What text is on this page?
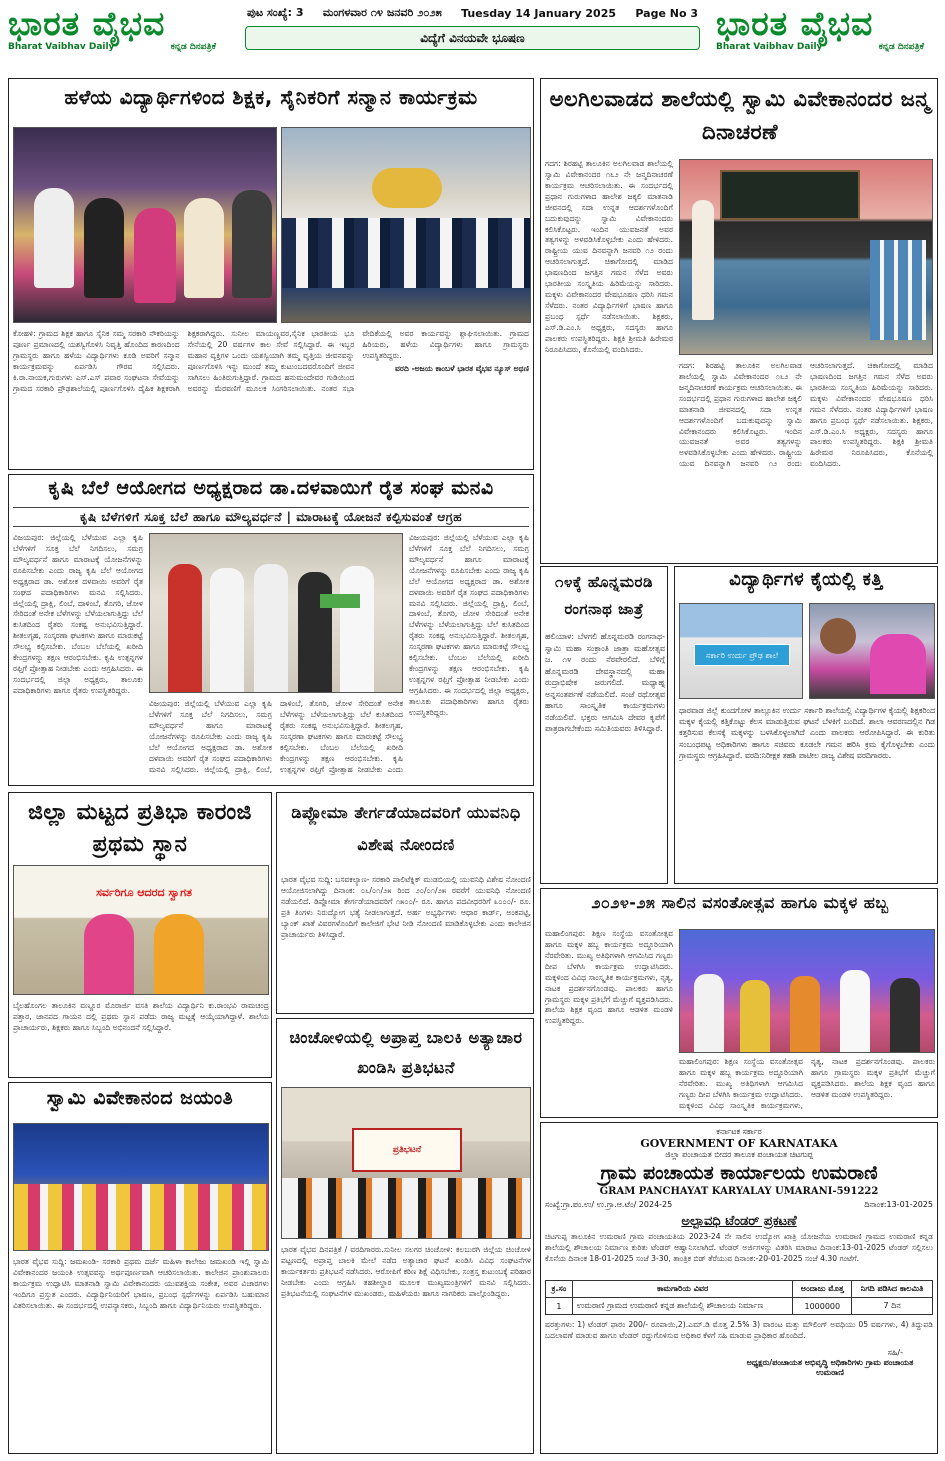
ಭಾರತ ವೈಭವ
Bharat Vaibhav Daily	ಕನ್ನಡ ದಿನಪತ್ರಿಕೆ
ಪುಟ ಸಂಖ್ಯೆ: 3 ಮಂಗಳವಾರ ೧೪ ಜನವರಿ ೨೦೨೫ Tuesday 14 January 2025 Page No 3
ವಿದ್ಯೆಗೆ ವಿನಯವೇ ಭೂಷಣ	ಭಾರತ ವೈಭವ
Bharat Vaibhav Daily	ಕನ್ನಡ ದಿನಪತ್ರಿಕೆ
ಹಳೆಯ ವಿದ್ಯಾರ್ಥಿಗಳಿಂದ ಶಿಕ್ಷಕ, ಸೈನಿಕರಿಗೆ ಸನ್ಮಾನ ಕಾರ್ಯಕ್ರಮ
ಕೋಹಳಿ: ಗ್ರಾಮದ ಶಿಕ್ಷಕ ಹಾಗೂ ಸೈನಿಕ ಸಮ್ಮ ಸರಕಾರಿ ನೌಕರಿಯನ್ನು ಪೂರ್ಣ ಪ್ರಮಾಣದಲ್ಲಿ ಯಶಸ್ವಿಗೊಳಿಸಿ ನಿವೃತ್ತಿ ಹೊಂದಿದ ಕಾರಣದಿಂದ ಗ್ರಾಮಸ್ಥರು ಹಾಗೂ ಹಳೆಯ ವಿದ್ಯಾರ್ಥಿಗಳು ಕೂಡಿ ಅವರಿಗೆ ಸನ್ಮಾನ ಕಾರ್ಯಕ್ರಮವನ್ನು ಏರ್ಪಡಿಸಿ ಗೌರವ ಸಲ್ಲಿಸಿದರು. ಕಿ.ರಾ.ನಾಯಕ,ಗುರುಗಳು ಎಸ್.ಎಸ್ ಪವಾರ ಸಂಘಟನಾ ಸೇವೆಯನ್ನು ಗ್ರಾಮದ ಸರಕಾರಿ ಪ್ರೌಢಶಾಲೆಯಲ್ಲಿ ಪೂರ್ಣಗೊಳಿಸಿ ದೈಹಿಕ ಶಿಕ್ಷಕರಾಗಿ ಶಿಕ್ಷಕರಾಗಿದ್ದರು. ಸುನೀಲ ಮಾಯಣ್ಣವರ,ಸೈನಿಕ ಭಾರತೀಯ ಭೂ ಸೇನೆಯಲ್ಲಿ 20 ವರ್ಷಗಳ ಕಾಲ ಸೇವೆ ಸಲ್ಲಿಸಿದ್ದಾರೆ. ಈ ಇಬ್ಬರ ಮಹಾನ ವ್ಯಕ್ತಿಗಳ ಒಂದು ಯಶಸ್ವಿಯಾಗಿ ತಮ್ಮ ವೃತ್ತಿಯ ಜೀವನವನ್ನು ಪೂರ್ಣಗೊಳಿಸಿ ಇನ್ನು ಮುಂದೆ ತಮ್ಮ ಕುಟುಂಬದವರೊಂದಿಗೆ ಜೀವನ ಸಾಗಿಸಲು ಹಿಂತಿರುಗುತ್ತಿದ್ದಾರೆ. ಗ್ರಾಮದ ಹನುಮಂದೇವರ ಗುಡಿಯಿಂದ ಅವರನ್ನು ಮೆರವಣಿಗೆ ಮೂಲಕ ಸಿಂಗರಿಸಲಾಯಿತು. ನಂತರ ಸಭಾ ವೇದಿಕೆಯಲ್ಲಿ ಅವರ ಕಾರ್ಯವನ್ನು ಶ್ಲಾಘಿಸಲಾಯಿತು. ಗ್ರಾಮದ ಹಿರಿಯರು, ಹಳೆಯ ವಿದ್ಯಾರ್ಥಿಗಳು ಹಾಗೂ ಗ್ರಾಮಸ್ಥರು ಉಪಸ್ಥಿತರಿದ್ದರು.
ವರದಿ -ಅಜಯ ಕಾಂಬಳೆ ಭಾರತ ವೈಭವ ನ್ಯೂಸ್ ಅಥಣಿ
ಅಲಗಿಲವಾಡದ ಶಾಲೆಯಲ್ಲಿ ಸ್ವಾಮಿ ವಿವೇಕಾನಂದರ ಜನ್ಮ ದಿನಾಚರಣೆ
ಗದಗ: ಶಿರಹಟ್ಟಿ ತಾಲೂಕಿನ ಅಲಗಿಲವಾಡ ಶಾಲೆಯಲ್ಲಿ ಸ್ವಾಮಿ ವಿವೇಕಾನಂದರ ೧೬೨ ನೇ ಜನ್ಮದಿನಾಚರಣೆ ಕಾರ್ಯಕ್ರಮ ಆಚರಿಸಲಾಯಿತು. ಈ ಸಂದರ್ಭದಲ್ಲಿ ಪ್ರಧಾನ ಗುರುಗಳಾದ ಹಾಲೇಶ ಜಕ್ಕಲಿ ಮಾತನಾಡಿ ಜೀವನದಲ್ಲಿ ಸದಾ ಉನ್ನತ ಆದರ್ಶಗಳೊಂದಿಗೆ ಬದುಕುವುದನ್ನು ಸ್ವಾಮಿ ವಿವೇಕಾನಂದರು ಕಲಿಸಿಕೊಟ್ಟರು. ಇಂದಿನ ಯುವಜನತೆ ಅವರ ತತ್ವಗಳನ್ನು ಅಳವಡಿಸಿಕೊಳ್ಳಬೇಕು ಎಂದು ಹೇಳಿದರು. ರಾಷ್ಟ್ರೀಯ ಯುವ ದಿನವನ್ನಾಗಿ ಜನವರಿ ೧೨ ರಂದು ಆಚರಿಸಲಾಗುತ್ತದೆ. ಚಿಕಾಗೋದಲ್ಲಿ ಮಾಡಿದ ಭಾಷಣದಿಂದ ಜಗತ್ತಿನ ಗಮನ ಸೆಳೆದ ಅವರು ಭಾರತೀಯ ಸಂಸ್ಕೃತಿಯ ಹಿರಿಮೆಯನ್ನು ಸಾರಿದರು. ಮಕ್ಕಳು ವಿವೇಕಾನಂದರ ವೇಷಭೂಷಣ ಧರಿಸಿ ಗಮನ ಸೆಳೆದರು. ನಂತರ ವಿದ್ಯಾರ್ಥಿಗಳಿಗೆ ಭಾಷಣ ಹಾಗೂ ಪ್ರಬಂಧ ಸ್ಪರ್ಧೆ ನಡೆಸಲಾಯಿತು. ಶಿಕ್ಷಕರು, ಎಸ್.ಡಿ.ಎಂ.ಸಿ ಅಧ್ಯಕ್ಷರು, ಸದಸ್ಯರು ಹಾಗೂ ಪಾಲಕರು ಉಪಸ್ಥಿತರಿದ್ದರು. ಶಿಕ್ಷಕಿ ಶ್ರೀಮತಿ ಹಿರೇಮಠ ನಿರೂಪಿಸಿದರು, ಕೊನೆಯಲ್ಲಿ ವಂದಿಸಿದರು.
ಗದಗ: ಶಿರಹಟ್ಟಿ ತಾಲೂಕಿನ ಅಲಗಿಲವಾಡ ಶಾಲೆಯಲ್ಲಿ ಸ್ವಾಮಿ ವಿವೇಕಾನಂದರ ೧೬೨ ನೇ ಜನ್ಮದಿನಾಚರಣೆ ಕಾರ್ಯಕ್ರಮ ಆಚರಿಸಲಾಯಿತು. ಈ ಸಂದರ್ಭದಲ್ಲಿ ಪ್ರಧಾನ ಗುರುಗಳಾದ ಹಾಲೇಶ ಜಕ್ಕಲಿ ಮಾತನಾಡಿ ಜೀವನದಲ್ಲಿ ಸದಾ ಉನ್ನತ ಆದರ್ಶಗಳೊಂದಿಗೆ ಬದುಕುವುದನ್ನು ಸ್ವಾಮಿ ವಿವೇಕಾನಂದರು ಕಲಿಸಿಕೊಟ್ಟರು. ಇಂದಿನ ಯುವಜನತೆ ಅವರ ತತ್ವಗಳನ್ನು ಅಳವಡಿಸಿಕೊಳ್ಳಬೇಕು ಎಂದು ಹೇಳಿದರು. ರಾಷ್ಟ್ರೀಯ ಯುವ ದಿನವನ್ನಾಗಿ ಜನವರಿ ೧೨ ರಂದು ಆಚರಿಸಲಾಗುತ್ತದೆ. ಚಿಕಾಗೋದಲ್ಲಿ ಮಾಡಿದ ಭಾಷಣದಿಂದ ಜಗತ್ತಿನ ಗಮನ ಸೆಳೆದ ಅವರು ಭಾರತೀಯ ಸಂಸ್ಕೃತಿಯ ಹಿರಿಮೆಯನ್ನು ಸಾರಿದರು. ಮಕ್ಕಳು ವಿವೇಕಾನಂದರ ವೇಷಭೂಷಣ ಧರಿಸಿ ಗಮನ ಸೆಳೆದರು. ನಂತರ ವಿದ್ಯಾರ್ಥಿಗಳಿಗೆ ಭಾಷಣ ಹಾಗೂ ಪ್ರಬಂಧ ಸ್ಪರ್ಧೆ ನಡೆಸಲಾಯಿತು. ಶಿಕ್ಷಕರು, ಎಸ್.ಡಿ.ಎಂ.ಸಿ ಅಧ್ಯಕ್ಷರು, ಸದಸ್ಯರು ಹಾಗೂ ಪಾಲಕರು ಉಪಸ್ಥಿತರಿದ್ದರು. ಶಿಕ್ಷಕಿ ಶ್ರೀಮತಿ ಹಿರೇಮಠ ನಿರೂಪಿಸಿದರು, ಕೊನೆಯಲ್ಲಿ ವಂದಿಸಿದರು.
ಕೃಷಿ ಬೆಲೆ ಆಯೋಗದ ಅಧ್ಯಕ್ಷರಾದ ಡಾ.ದಳವಾಯಿಗೆ ರೈತ ಸಂಘ ಮನವಿ
ಕೃಷಿ ಬೆಳೆಗಳಿಗೆ ಸೂಕ್ತ ಬೆಲೆ ಹಾಗೂ ಮೌಲ್ಯವರ್ಧನೆ | ಮಾರಾಟಕ್ಕೆ ಯೋಜನೆ ಕಲ್ಪಿಸುವಂತೆ ಆಗ್ರಹ
ವಿಜಯಪುರ: ಜಿಲ್ಲೆಯಲ್ಲಿ ಬೆಳೆಯುವ ಎಲ್ಲಾ ಕೃಷಿ ಬೆಳೆಗಳಿಗೆ ಸೂಕ್ತ ಬೆಲೆ ನಿಗದಿಸಲು, ಸಮಗ್ರ ಮೌಲ್ಯವರ್ಧನೆ ಹಾಗೂ ಮಾರಾಟಕ್ಕೆ ಯೋಜನೆಗಳನ್ನು ರೂಪಿಸಬೇಕು ಎಂದು ರಾಜ್ಯ ಕೃಷಿ ಬೆಲೆ ಆಯೋಗದ ಅಧ್ಯಕ್ಷರಾದ ಡಾ. ಅಶೋಕ ದಳವಾಯಿ ಅವರಿಗೆ ರೈತ ಸಂಘದ ಪದಾಧಿಕಾರಿಗಳು ಮನವಿ ಸಲ್ಲಿಸಿದರು. ಜಿಲ್ಲೆಯಲ್ಲಿ ದ್ರಾಕ್ಷಿ, ಲಿಂಬೆ, ದಾಳಿಂಬೆ, ತೊಗರಿ, ಜೋಳ ಸೇರಿದಂತೆ ಅನೇಕ ಬೆಳೆಗಳನ್ನು ಬೆಳೆಯಲಾಗುತ್ತಿದ್ದು ಬೆಲೆ ಕುಸಿತದಿಂದ ರೈತರು ಸಂಕಷ್ಟ ಅನುಭವಿಸುತ್ತಿದ್ದಾರೆ. ಶೀತಲಗೃಹ, ಸಂಸ್ಕರಣಾ ಘಟಕಗಳು ಹಾಗೂ ಮಾರುಕಟ್ಟೆ ಸೌಲಭ್ಯ ಕಲ್ಪಿಸಬೇಕು. ಬೆಂಬಲ ಬೆಲೆಯಲ್ಲಿ ಖರೀದಿ ಕೇಂದ್ರಗಳನ್ನು ತಕ್ಷಣ ಆರಂಭಿಸಬೇಕು. ಕೃಷಿ ಉತ್ಪನ್ನಗಳ ರಫ್ತಿಗೆ ಪ್ರೋತ್ಸಾಹ ನೀಡಬೇಕು ಎಂದು ಆಗ್ರಹಿಸಿದರು. ಈ ಸಂದರ್ಭದಲ್ಲಿ ಜಿಲ್ಲಾ ಅಧ್ಯಕ್ಷರು, ತಾಲೂಕು ಪದಾಧಿಕಾರಿಗಳು ಹಾಗೂ ರೈತರು ಉಪಸ್ಥಿತರಿದ್ದರು.
ವಿಜಯಪುರ: ಜಿಲ್ಲೆಯಲ್ಲಿ ಬೆಳೆಯುವ ಎಲ್ಲಾ ಕೃಷಿ ಬೆಳೆಗಳಿಗೆ ಸೂಕ್ತ ಬೆಲೆ ನಿಗದಿಸಲು, ಸಮಗ್ರ ಮೌಲ್ಯವರ್ಧನೆ ಹಾಗೂ ಮಾರಾಟಕ್ಕೆ ಯೋಜನೆಗಳನ್ನು ರೂಪಿಸಬೇಕು ಎಂದು ರಾಜ್ಯ ಕೃಷಿ ಬೆಲೆ ಆಯೋಗದ ಅಧ್ಯಕ್ಷರಾದ ಡಾ. ಅಶೋಕ ದಳವಾಯಿ ಅವರಿಗೆ ರೈತ ಸಂಘದ ಪದಾಧಿಕಾರಿಗಳು ಮನವಿ ಸಲ್ಲಿಸಿದರು. ಜಿಲ್ಲೆಯಲ್ಲಿ ದ್ರಾಕ್ಷಿ, ಲಿಂಬೆ, ದಾಳಿಂಬೆ, ತೊಗರಿ, ಜೋಳ ಸೇರಿದಂತೆ ಅನೇಕ ಬೆಳೆಗಳನ್ನು ಬೆಳೆಯಲಾಗುತ್ತಿದ್ದು ಬೆಲೆ ಕುಸಿತದಿಂದ ರೈತರು ಸಂಕಷ್ಟ ಅನುಭವಿಸುತ್ತಿದ್ದಾರೆ. ಶೀತಲಗೃಹ, ಸಂಸ್ಕರಣಾ ಘಟಕಗಳು ಹಾಗೂ ಮಾರುಕಟ್ಟೆ ಸೌಲಭ್ಯ ಕಲ್ಪಿಸಬೇಕು. ಬೆಂಬಲ ಬೆಲೆಯಲ್ಲಿ ಖರೀದಿ ಕೇಂದ್ರಗಳನ್ನು ತಕ್ಷಣ ಆರಂಭಿಸಬೇಕು. ಕೃಷಿ ಉತ್ಪನ್ನಗಳ ರಫ್ತಿಗೆ ಪ್ರೋತ್ಸಾಹ ನೀಡಬೇಕು ಎಂದು
ವಿಜಯಪುರ: ಜಿಲ್ಲೆಯಲ್ಲಿ ಬೆಳೆಯುವ ಎಲ್ಲಾ ಕೃಷಿ ಬೆಳೆಗಳಿಗೆ ಸೂಕ್ತ ಬೆಲೆ ನಿಗದಿಸಲು, ಸಮಗ್ರ ಮೌಲ್ಯವರ್ಧನೆ ಹಾಗೂ ಮಾರಾಟಕ್ಕೆ ಯೋಜನೆಗಳನ್ನು ರೂಪಿಸಬೇಕು ಎಂದು ರಾಜ್ಯ ಕೃಷಿ ಬೆಲೆ ಆಯೋಗದ ಅಧ್ಯಕ್ಷರಾದ ಡಾ. ಅಶೋಕ ದಳವಾಯಿ ಅವರಿಗೆ ರೈತ ಸಂಘದ ಪದಾಧಿಕಾರಿಗಳು ಮನವಿ ಸಲ್ಲಿಸಿದರು. ಜಿಲ್ಲೆಯಲ್ಲಿ ದ್ರಾಕ್ಷಿ, ಲಿಂಬೆ, ದಾಳಿಂಬೆ, ತೊಗರಿ, ಜೋಳ ಸೇರಿದಂತೆ ಅನೇಕ ಬೆಳೆಗಳನ್ನು ಬೆಳೆಯಲಾಗುತ್ತಿದ್ದು ಬೆಲೆ ಕುಸಿತದಿಂದ ರೈತರು ಸಂಕಷ್ಟ ಅನುಭವಿಸುತ್ತಿದ್ದಾರೆ. ಶೀತಲಗೃಹ, ಸಂಸ್ಕರಣಾ ಘಟಕಗಳು ಹಾಗೂ ಮಾರುಕಟ್ಟೆ ಸೌಲಭ್ಯ ಕಲ್ಪಿಸಬೇಕು. ಬೆಂಬಲ ಬೆಲೆಯಲ್ಲಿ ಖರೀದಿ ಕೇಂದ್ರಗಳನ್ನು ತಕ್ಷಣ ಆರಂಭಿಸಬೇಕು. ಕೃಷಿ ಉತ್ಪನ್ನಗಳ ರಫ್ತಿಗೆ ಪ್ರೋತ್ಸಾಹ ನೀಡಬೇಕು ಎಂದು ಆಗ್ರಹಿಸಿದರು. ಈ ಸಂದರ್ಭದಲ್ಲಿ ಜಿಲ್ಲಾ ಅಧ್ಯಕ್ಷರು, ತಾಲೂಕು ಪದಾಧಿಕಾರಿಗಳು ಹಾಗೂ ರೈತರು ಉಪಸ್ಥಿತರಿದ್ದರು.
೧೪ಕ್ಕೆ ಹೊನ್ನಮರಡಿ ರಂಗನಾಥ ಜಾತ್ರೆ
ಹಲಿಯಾಳ: ಬೆಳಗಲಿ ಹೊನ್ನಮರಡಿ ರಂಗನಾಥ-ಸ್ವಾಮಿ ಮಹಾ ಸಂಕ್ರಾಂತಿ ಜಾತ್ರಾ ಮಹೋತ್ಸವ ಜ. ೧೪ ರಂದು ನೆರವೇರಲಿದೆ. ಬೆಳಿಗ್ಗೆ ಹೊನ್ನಮರಡಿ ದೇವಸ್ಥಾನದಲ್ಲಿ ಮಹಾ ರುದ್ರಾಭಿಷೇಕ ಜರುಗಲಿದೆ. ಮಧ್ಯಾಹ್ನ ಅನ್ನಸಂತರ್ಪಣೆ ನಡೆಯಲಿದೆ. ಸಂಜೆ ರಥೋತ್ಸವ ಹಾಗೂ ಸಾಂಸ್ಕೃತಿಕ ಕಾರ್ಯಕ್ರಮಗಳು ನಡೆಯಲಿವೆ. ಭಕ್ತರು ಆಗಮಿಸಿ ದೇವರ ಕೃಪೆಗೆ ಪಾತ್ರರಾಗಬೇಕೆಂದು ಸಮಿತಿಯವರು ತಿಳಿಸಿದ್ದಾರೆ.
ವಿದ್ಯಾರ್ಥಿಗಳ ಕೈಯಲ್ಲಿ ಕತ್ತಿ
ಸರ್ಕಾರಿ ಉರ್ದು ಪ್ರೌಢ ಶಾಲೆ
ಧಾರವಾಡ ಜಿಲ್ಲೆ ಕುಂದಗೋಳ ತಾಲ್ಲೂಕಿನ ಉರ್ದು ಸರ್ಕಾರಿ ಶಾಲೆಯಲ್ಲಿ ವಿದ್ಯಾರ್ಥಿಗಳ ಕೈಯಲ್ಲಿ ಶಿಕ್ಷಕರಿಂದ ಮಕ್ಕಳ ಕೈಯಲ್ಲಿ ಕತ್ತಿಕೊಟ್ಟು ಕೆಲಸ ಮಾಡುತ್ತಿರುವ ಘಟನೆ ಬೆಳಕಿಗೆ ಬಂದಿದೆ. ಶಾಲಾ ಆವರಣದಲ್ಲಿನ ಗಿಡ ಕತ್ತರಿಸುವ ಕೆಲಸಕ್ಕೆ ಮಕ್ಕಳನ್ನು ಬಳಸಿಕೊಳ್ಳಲಾಗಿದೆ ಎಂದು ಪಾಲಕರು ಆರೋಪಿಸಿದ್ದಾರೆ. ಈ ಕುರಿತು ಸಂಬಂಧಪಟ್ಟ ಅಧಿಕಾರಿಗಳು ಹಾಗೂ ಸಚಿವರು ಕೂಡಲೇ ಗಮನ ಹರಿಸಿ ಕ್ರಮ ಕೈಗೊಳ್ಳಬೇಕು ಎಂದು ಗ್ರಾಮಸ್ಥರು ಆಗ್ರಹಿಸಿದ್ದಾರೆ. ವರದಿ:ನಿರೀಕ್ಷಕ ತಹಶಿ ಪಾಟೀಲ ರಾಜ್ಯ ವಿಶೇಷ ವರದಿಗಾರರು.
ಜಿಲ್ಲಾ ಮಟ್ಟದ ಪ್ರತಿಭಾ ಕಾರಂಜಿ ಪ್ರಥಮ ಸ್ಥಾನ
ಸರ್ವರಿಗೂ ಆದರದ ಸ್ವಾಗತ
ಬೈಲಹೊಂಗಲ ತಾಲೂಕಿನ ವಣ್ಣೂರ ಮೊರಾರ್ಜಿ ವಸತಿ ಶಾಲೆಯ ವಿದ್ಯಾರ್ಥಿನಿ ಕು.ರಾಂಭವಿ ರಾಮಚಂದ್ರ ಪತ್ತಾರ, ಜಾನಪದ ಗಾಯನ ದಲ್ಲಿ ಪ್ರಥಮ ಸ್ಥಾನ ಪಡೆದು ರಾಜ್ಯ ಮಟ್ಟಕ್ಕೆ ಆಯ್ಕೆಯಾಗಿದ್ದಾಳೆ. ಶಾಲೆಯ ಪ್ರಾಚಾರ್ಯರು, ಶಿಕ್ಷಕರು ಹಾಗೂ ಸಿಬ್ಬಂದಿ ಅಭಿನಂದನೆ ಸಲ್ಲಿಸಿದ್ದಾರೆ.
ಡಿಪ್ಲೋಮಾ ತೇರ್ಗಡೆಯಾದವರಿಗೆ ಯುವನಿಧಿ ವಿಶೇಷ ನೋಂದಣಿ
ಭಾರತ ವೈಭವ ಸುದ್ದಿ: ಬಸವಕಲ್ಯಾಣ- ಸರಕಾರಿ ಪಾಲಿಟೆಕ್ನಿಕ್ ಮುಡಬಿಯಲ್ಲಿ ಯುವನಿಧಿ ವಿಶೇಷ ನೋಂದಣಿ ಆಯೋಜಿಸಲಾಗಿದ್ದು ದಿನಾಂಕ: ೦೬/೦೧/೨೫ ರಿಂದ ೨೦/೦೧/೨೫ ರವರೆಗೆ ಯುವನಿಧಿ ನೋಂದಣಿ ನಡೆಯಲಿದೆ. ಡಿಪ್ಲೋಮಾ ತೇರ್ಗಡೆಯಾದವರಿಗೆ ೧೫೦೦/- ರೂ. ಹಾಗೂ ಪದವೀಧರರಿಗೆ ೩೦೦೦/- ರೂ. ಪ್ರತಿ ತಿಂಗಳು ನಿರುದ್ಯೋಗ ಭತ್ಯೆ ನೀಡಲಾಗುತ್ತದೆ. ಅರ್ಹ ಅಭ್ಯರ್ಥಿಗಳು ಆಧಾರ ಕಾರ್ಡ್, ಅಂಕಪಟ್ಟಿ, ಬ್ಯಾಂಕ್ ಖಾತೆ ವಿವರಗಳೊಂದಿಗೆ ಕಾಲೇಜಿಗೆ ಭೇಟಿ ನೀಡಿ ನೋಂದಣಿ ಮಾಡಿಕೊಳ್ಳಬೇಕು ಎಂದು ಕಾಲೇಜಿನ ಪ್ರಾಚಾರ್ಯರು ತಿಳಿಸಿದ್ದಾರೆ.
ಚಿಂಚೋಳಿಯಲ್ಲಿ ಅಪ್ರಾಪ್ತ ಬಾಲಕಿ ಅತ್ಯಾಚಾರ ಖಂಡಿಸಿ ಪ್ರತಿಭಟನೆ
ಪ್ರತಿಭಟನೆ
ಭಾರತ ವೈಭವ ದಿನಪತ್ರಿಕೆ / ವರದಿಗಾರರು.ಸುನೀಲ ಸಲಗರ ಚಿಂಚೋಳಿ: ಕಲಬುರಗಿ ಜಿಲ್ಲೆಯ ಚಿಂಚೋಳಿ ಪಟ್ಟಣದಲ್ಲಿ ಅಪ್ರಾಪ್ತ ಬಾಲಕಿ ಮೇಲೆ ನಡೆದ ಅತ್ಯಾಚಾರ ಘಟನೆ ಖಂಡಿಸಿ ವಿವಿಧ ಸಂಘಟನೆಗಳ ಕಾರ್ಯಕರ್ತರು ಪ್ರತಿಭಟನೆ ನಡೆಸಿದರು. ಆರೋಪಿಗೆ ಕಠಿಣ ಶಿಕ್ಷೆ ವಿಧಿಸಬೇಕು, ಸಂತ್ರಸ್ತ ಕುಟುಂಬಕ್ಕೆ ಪರಿಹಾರ ನೀಡಬೇಕು ಎಂದು ಆಗ್ರಹಿಸಿ ತಹಶೀಲ್ದಾರ ಮೂಲಕ ಮುಖ್ಯಮಂತ್ರಿಗಳಿಗೆ ಮನವಿ ಸಲ್ಲಿಸಿದರು. ಪ್ರತಿಭಟನೆಯಲ್ಲಿ ಸಂಘಟನೆಗಳ ಮುಖಂಡರು, ಮಹಿಳೆಯರು ಹಾಗೂ ನಾಗರಿಕರು ಪಾಲ್ಗೊಂಡಿದ್ದರು.
೨೦೨೪-೨೫ ಸಾಲಿನ ವಸಂತೋತ್ಸವ ಹಾಗೂ ಮಕ್ಕಳ ಹಬ್ಬ
ಮಹಾಲಿಂಗಪುರ: ಶಿಕ್ಷಣ ಸಂಸ್ಥೆಯ ವಸಂತೋತ್ಸವ ಹಾಗೂ ಮಕ್ಕಳ ಹಬ್ಬ ಕಾರ್ಯಕ್ರಮ ಅದ್ದೂರಿಯಾಗಿ ನೆರವೇರಿತು. ಮುಖ್ಯ ಅತಿಥಿಗಳಾಗಿ ಆಗಮಿಸಿದ ಗಣ್ಯರು ದೀಪ ಬೆಳಗಿಸಿ ಕಾರ್ಯಕ್ರಮ ಉದ್ಘಾಟಿಸಿದರು. ಮಕ್ಕಳಿಂದ ವಿವಿಧ ಸಾಂಸ್ಕೃತಿಕ ಕಾರ್ಯಕ್ರಮಗಳು, ನೃತ್ಯ, ನಾಟಕ ಪ್ರದರ್ಶನಗೊಂಡವು. ಪಾಲಕರು ಹಾಗೂ ಗ್ರಾಮಸ್ಥರು ಮಕ್ಕಳ ಪ್ರತಿಭೆಗೆ ಮೆಚ್ಚುಗೆ ವ್ಯಕ್ತಪಡಿಸಿದರು. ಶಾಲೆಯ ಶಿಕ್ಷಕ ವೃಂದ ಹಾಗೂ ಆಡಳಿತ ಮಂಡಳಿ ಉಪಸ್ಥಿತರಿದ್ದರು.
ಮಹಾಲಿಂಗಪುರ: ಶಿಕ್ಷಣ ಸಂಸ್ಥೆಯ ವಸಂತೋತ್ಸವ ಹಾಗೂ ಮಕ್ಕಳ ಹಬ್ಬ ಕಾರ್ಯಕ್ರಮ ಅದ್ದೂರಿಯಾಗಿ ನೆರವೇರಿತು. ಮುಖ್ಯ ಅತಿಥಿಗಳಾಗಿ ಆಗಮಿಸಿದ ಗಣ್ಯರು ದೀಪ ಬೆಳಗಿಸಿ ಕಾರ್ಯಕ್ರಮ ಉದ್ಘಾಟಿಸಿದರು. ಮಕ್ಕಳಿಂದ ವಿವಿಧ ಸಾಂಸ್ಕೃತಿಕ ಕಾರ್ಯಕ್ರಮಗಳು, ನೃತ್ಯ, ನಾಟಕ ಪ್ರದರ್ಶನಗೊಂಡವು. ಪಾಲಕರು ಹಾಗೂ ಗ್ರಾಮಸ್ಥರು ಮಕ್ಕಳ ಪ್ರತಿಭೆಗೆ ಮೆಚ್ಚುಗೆ ವ್ಯಕ್ತಪಡಿಸಿದರು. ಶಾಲೆಯ ಶಿಕ್ಷಕ ವೃಂದ ಹಾಗೂ ಆಡಳಿತ ಮಂಡಳಿ ಉಪಸ್ಥಿತರಿದ್ದರು.
ಸ್ವಾಮಿ ವಿವೇಕಾನಂದ ಜಯಂತಿ
ಭಾರತ ವೈಭವ ಸುದ್ದಿ: ಜಮಖಂಡಿ- ಸರಕಾರಿ ಪ್ರಥಮ ದರ್ಜೆ ಮಹಿಳಾ ಕಾಲೇಜು ಜಮಖಂಡಿ ಇಲ್ಲಿ ಸ್ವಾಮಿ ವಿವೇಕಾನಂದರ ಜಯಂತಿ ಉತ್ಸವವನ್ನು ಅರ್ಥಪೂರ್ಣವಾಗಿ ಆಚರಿಸಲಾಯಿತು. ಕಾಲೇಜಿನ ಪ್ರಾಂಶುಪಾಲರು ಕಾರ್ಯಕ್ರಮ ಉದ್ಘಾಟಿಸಿ ಮಾತನಾಡಿ ಸ್ವಾಮಿ ವಿವೇಕಾನಂದರು ಯುವಶಕ್ತಿಯ ಸಂಕೇತ, ಅವರ ವಿಚಾರಗಳು ಇಂದಿಗೂ ಪ್ರಸ್ತುತ ಎಂದರು. ವಿದ್ಯಾರ್ಥಿನಿಯರಿಗೆ ಭಾಷಣ, ಪ್ರಬಂಧ ಸ್ಪರ್ಧೆಗಳನ್ನು ಏರ್ಪಡಿಸಿ ಬಹುಮಾನ ವಿತರಿಸಲಾಯಿತು. ಈ ಸಂದರ್ಭದಲ್ಲಿ ಉಪನ್ಯಾಸಕರು, ಸಿಬ್ಬಂದಿ ಹಾಗೂ ವಿದ್ಯಾರ್ಥಿನಿಯರು ಉಪಸ್ಥಿತರಿದ್ದರು.
ಕರ್ನಾಟಕ ಸರ್ಕಾರ
GOVERNMENT OF KARNATAKA
ಜಿಲ್ಲಾ ಪಂಚಾಯತ ಬೀದರ ತಾಲೂಕ ಪಂಚಾಯತ ಚಿಟಗುಪ್ಪ
ಗ್ರಾಮ ಪಂಚಾಯತ ಕಾರ್ಯಾಲಯ ಉಮರಾಣಿ
GRAM PANCHAYAT KARYALAY UMARANI-591222
ಸಂಖ್ಯೆ:ಗ್ರಾ.ಪಂ.ಉ/ ಉ.ಗ್ರಾ.ಆ.ಟೆಂ/ 2024-25	ದಿನಾಂಕ:13-01-2025
ಅಲ್ಪಾವಧಿ ಟೆಂಡರ್ ಪ್ರಕಟಣೆ
ಚಿಟಗುಪ್ಪ ತಾಲೂಕಿನ ಉಮರಾಣಿ ಗ್ರಾಮ ಪಂಚಾಯತಿಯ 2023-24 ನೇ ಸಾಲಿನ ಉದ್ಯೋಗ ಖಾತ್ರಿ ಯೋಜನೆಯ ಉಮರಾಣಿ ಗ್ರಾಮದ ಉಮರಾಣಿ ಕನ್ನಡ ಶಾಲೆಯಲ್ಲಿ ಶೌಚಾಲಯ ನಿರ್ಮಾಣ ಕುರಿತು ಟೆಂಡರ್ ಆಹ್ವಾನಿಸಲಾಗಿದೆ. ಟೆಂಡರ್ ಅರ್ಜಿಗಳನ್ನು ವಿತರಿಸಿ ಮಾರಾಟ ದಿನಾಂಕ:13-01-2025 ಟೆಂಡರ್ ಸಲ್ಲಿಸಲು ಕೊನೆಯ ದಿನಾಂಕ 18-01-2025 ಸಂಜೆ 3-30, ತಾಂತ್ರಿಕ ಬಿಡ್ ತೆರೆಯುವ ದಿನಾಂಕ:-20-01-2025 ಸಂಜೆ 4.30 ಗಂಟೆಗೆ.
ಕ್ರ.ಸಂ	ಕಾಮಗಾರಿಯ ವಿವರ	ಅಂದಾಜು ಮೊತ್ತ	ನಿಗದಿ ಪಡಿಸಿದ ಕಾಲಮಿತಿ
1	ಉಮರಾಣಿ ಗ್ರಾಮದ ಉಮರಾಣಿ ಕನ್ನಡ ಶಾಲೆಯಲ್ಲಿ ಶೌಚಾಲಯ ನಿರ್ಮಾಣ	1000000	7 ದಿನ
ಷರತ್ತುಗಳು: 1) ಟೆಂಡರ್ ಫಾರಂ 200/- ರೂಪಾಯಿ,2).ಎಮ್.ಡಿ ಮೊತ್ತ 2.5% 3) ವಾರಂಟ ಮತ್ತು ಮೌಲಿಂಗ್ ಅವಧಿಯು 05 ವರ್ಷಗಳು, 4) ತಿದ್ದುಪಡಿ ಬದಲಾವಣೆ ಮಾಡುವ ಹಾಗೂ ಟೆಂಡರ್ ರದ್ದುಗೊಳಿಸುವ ಅಧಿಕಾರ ಕೆಳಗೆ ಸಹಿ ಮಾಡುವ ಪ್ರಾಧಿಕಾರ ಹೊಂದಿದೆ.
ಸಹಿ/-
ಅಧ್ಯಕ್ಷರು/ಪಂಚಾಯತ ಅಭಿವೃದ್ಧಿ ಅಧಿಕಾರಿಗಳು ಗ್ರಾಮ ಪಂಚಾಯತ ಉಮರಾಣಿ
